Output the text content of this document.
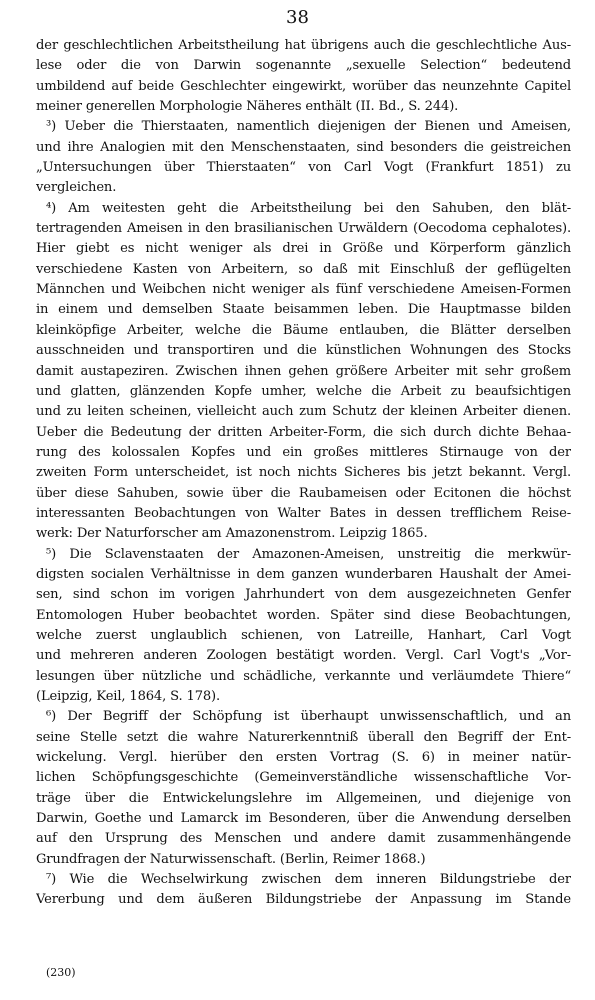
38
der geschlechtlichen Arbeitstheilung hat übrigens auch die geschlechtliche Aus-
lese oder die von Darwin sogenannte „sexuelle Selection“ bedeutend
umbildend auf beide Geschlechter eingewirkt, worüber das neunzehnte Capitel
meiner generellen Morphologie Näheres enthält (II. Bd., S. 244).
³) Ueber die Thierstaaten, namentlich diejenigen der Bienen und Ameisen,
und ihre Analogien mit den Menschenstaaten, sind besonders die geistreichen
„Untersuchungen über Thierstaaten“ von Carl Vogt (Frankfurt 1851) zu
vergleichen.
⁴) Am weitesten geht die Arbeitstheilung bei den Sahuben, den blät-
tertragenden Ameisen in den brasilianischen Urwäldern (Oecodoma cephalotes).
Hier giebt es nicht weniger als drei in Größe und Körperform gänzlich
verschiedene Kasten von Arbeitern, so daß mit Einschluß der geflügelten
Männchen und Weibchen nicht weniger als fünf verschiedene Ameisen-Formen
in einem und demselben Staate beisammen leben. Die Hauptmasse bilden
kleinköpfige Arbeiter, welche die Bäume entlauben, die Blätter derselben
ausschneiden und transportiren und die künstlichen Wohnungen des Stocks
damit austapeziren. Zwischen ihnen gehen größere Arbeiter mit sehr großem
und glatten, glänzenden Kopfe umher, welche die Arbeit zu beaufsichtigen
und zu leiten scheinen, vielleicht auch zum Schutz der kleinen Arbeiter dienen.
Ueber die Bedeutung der dritten Arbeiter-Form, die sich durch dichte Behaa-
rung des kolossalen Kopfes und ein großes mittleres Stirnauge von der
zweiten Form unterscheidet, ist noch nichts Sicheres bis jetzt bekannt. Vergl.
über diese Sahuben, sowie über die Raubameisen oder Ecitonen die höchst
interessanten Beobachtungen von Walter Bates in dessen trefflichem Reise-
werk: Der Naturforscher am Amazonenstrom. Leipzig 1865.
⁵) Die Sclavenstaaten der Amazonen-Ameisen, unstreitig die merkwür-
digsten socialen Verhältnisse in dem ganzen wunderbaren Haushalt der Amei-
sen, sind schon im vorigen Jahrhundert von dem ausgezeichneten Genfer
Entomologen Huber beobachtet worden. Später sind diese Beobachtungen,
welche zuerst unglaublich schienen, von Latreille, Hanhart, Carl Vogt
und mehreren anderen Zoologen bestätigt worden. Vergl. Carl Vogt's „Vor-
lesungen über nützliche und schädliche, verkannte und verläumdete Thiere“
(Leipzig, Keil, 1864, S. 178).
⁶) Der Begriff der Schöpfung ist überhaupt unwissenschaftlich, und an
seine Stelle setzt die wahre Naturerkenntniß überall den Begriff der Ent-
wickelung. Vergl. hierüber den ersten Vortrag (S. 6) in meiner natür-
lichen Schöpfungsgeschichte (Gemeinverständliche wissenschaftliche Vor-
träge über die Entwickelungslehre im Allgemeinen, und diejenige von
Darwin, Goethe und Lamarck im Besonderen, über die Anwendung derselben
auf den Ursprung des Menschen und andere damit zusammenhängende
Grundfragen der Naturwissenschaft. (Berlin, Reimer 1868.)
⁷) Wie die Wechselwirkung zwischen dem inneren Bildungstriebe der
Vererbung und dem äußeren Bildungstriebe der Anpassung im Stande
(230)
